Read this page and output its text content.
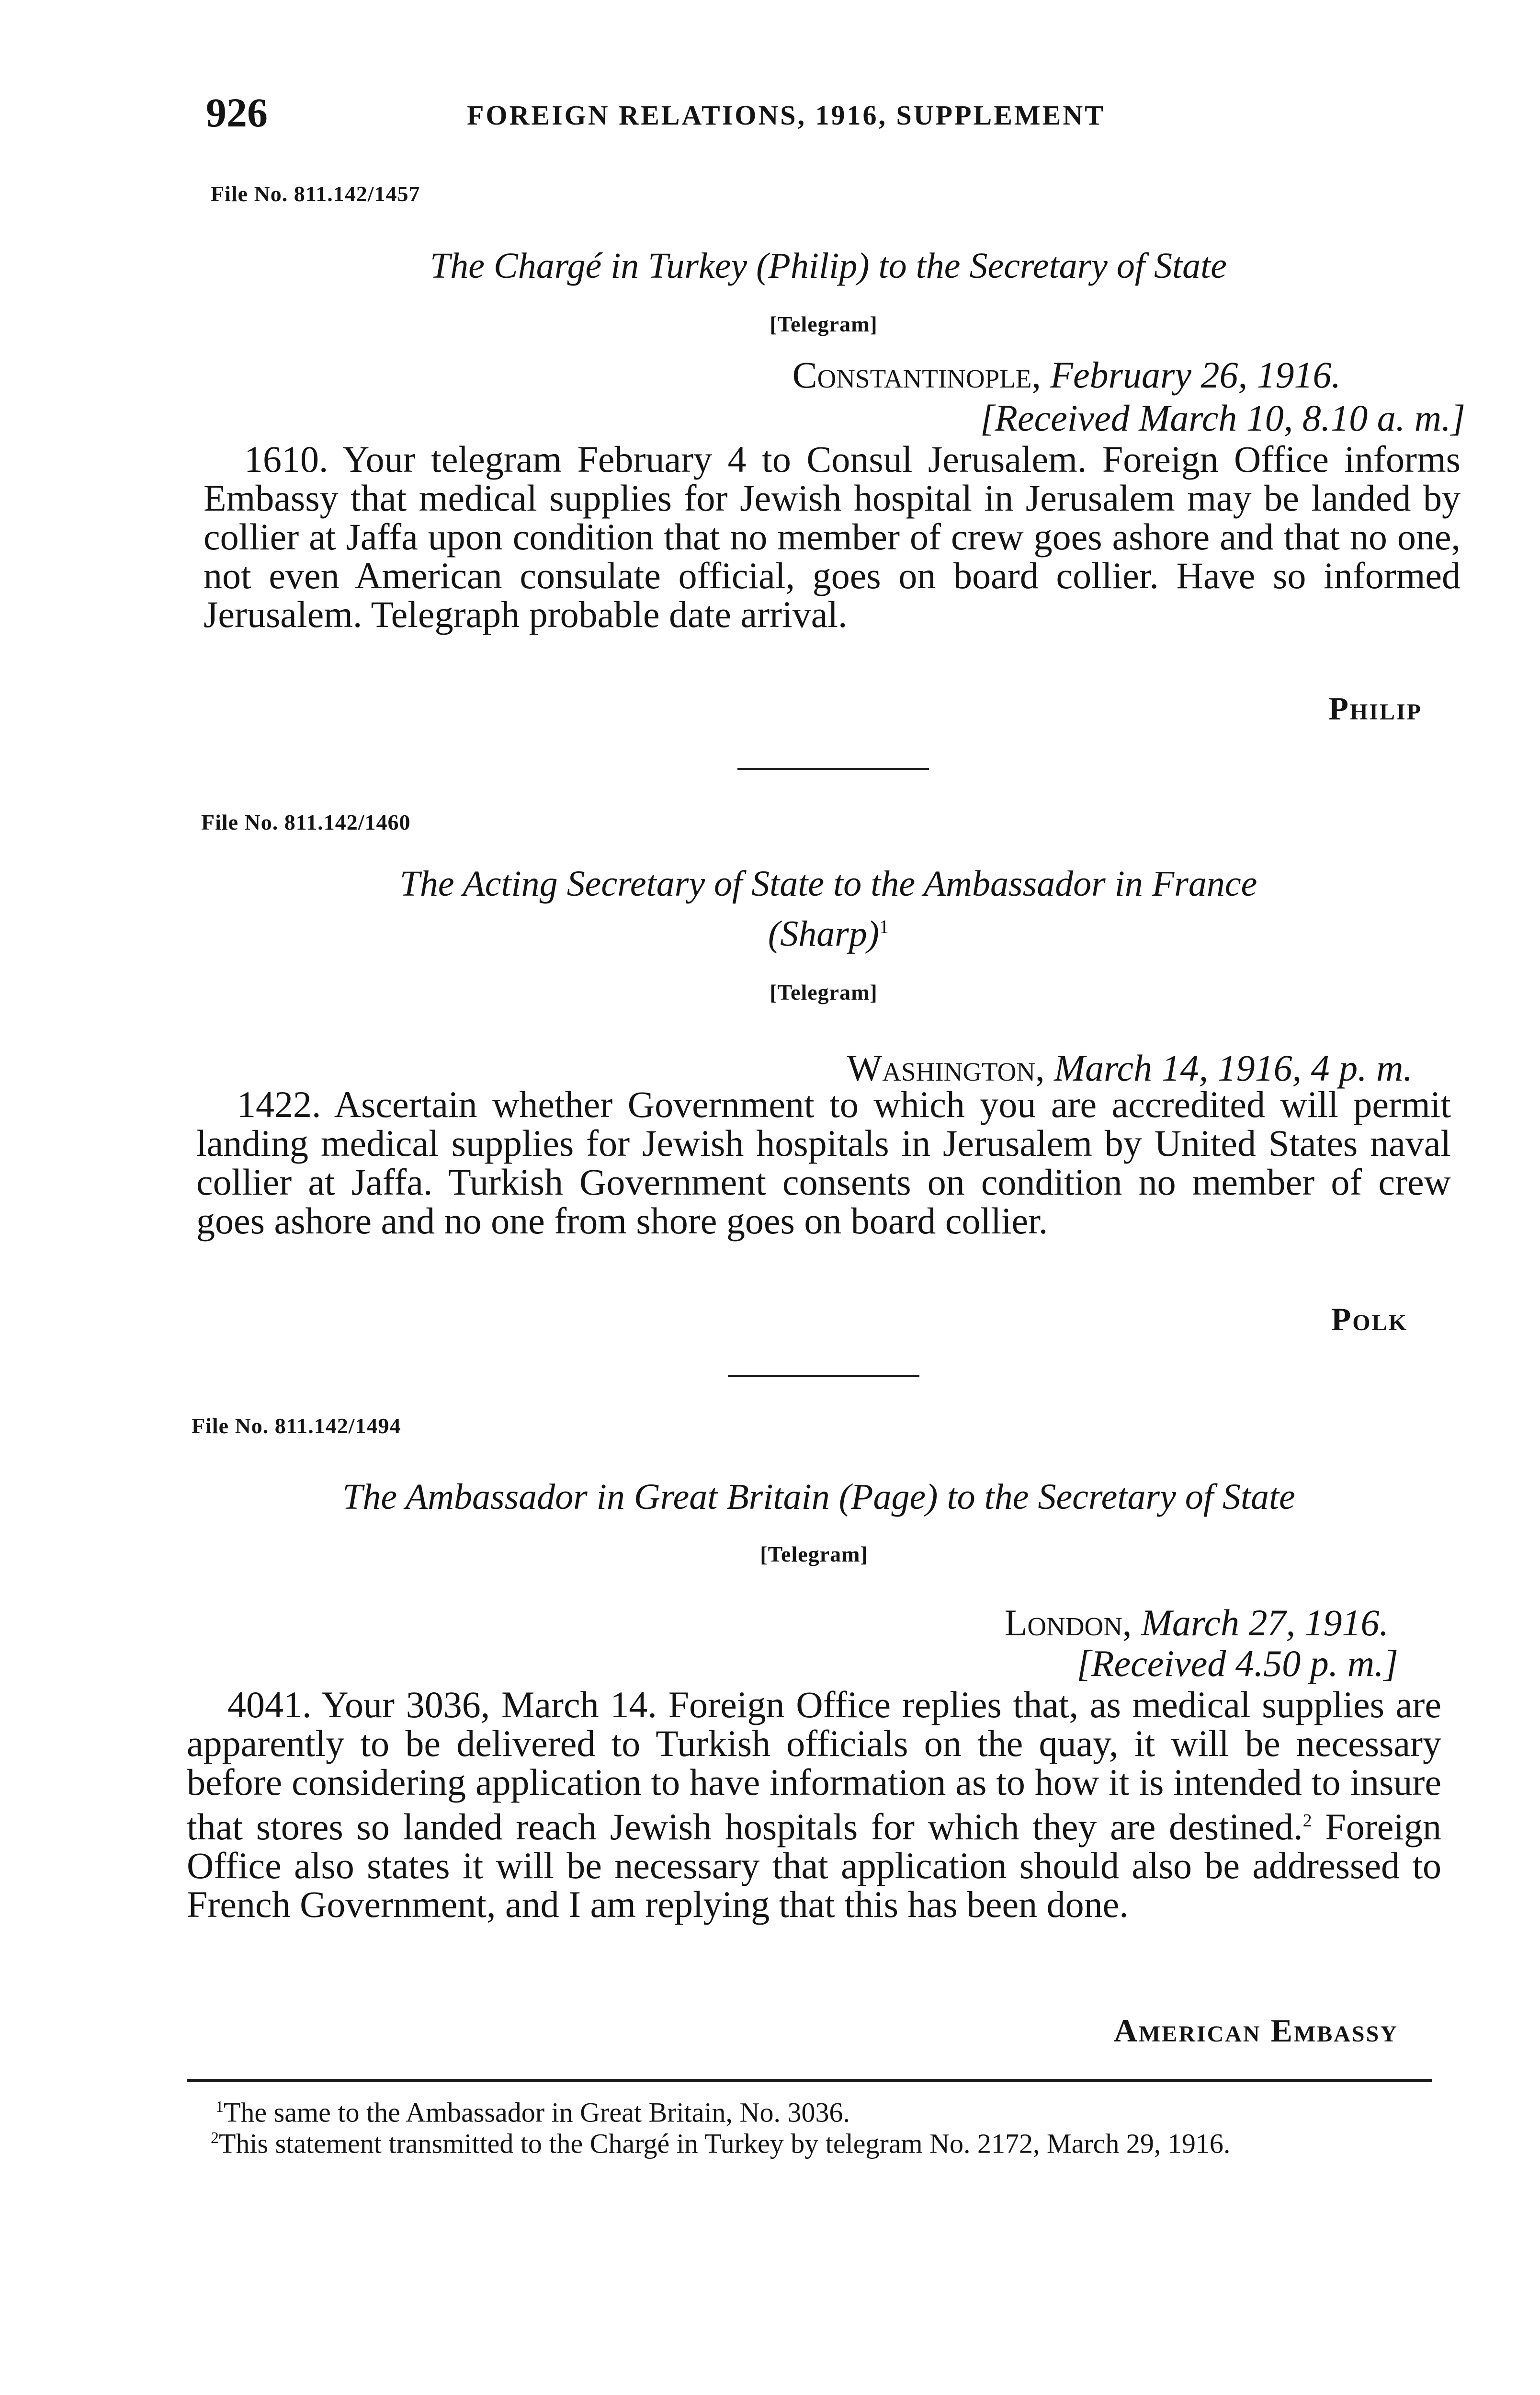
926	FOREIGN RELATIONS, 1916, SUPPLEMENT
File No. 811.142/1457
The Chargé in Turkey (Philip) to the Secretary of State
[Telegram]
Constantinople, February 26, 1916.
[Received March 10, 8.10 a. m.]
1610. Your telegram February 4 to Consul Jerusalem. Foreign Office informs Embassy that medical supplies for Jewish hospital in Jerusalem may be landed by collier at Jaffa upon condition that no member of crew goes ashore and that no one, not even American consulate official, goes on board collier. Have so informed Jerusalem. Telegraph probable date arrival.
Philip
File No. 811.142/1460
The Acting Secretary of State to the Ambassador in France
(Sharp)$^1$
[Telegram]
Washington, March 14, 1916, 4 p. m.
1422. Ascertain whether Government to which you are accredited will permit landing medical supplies for Jewish hospitals in Jerusalem by United States naval collier at Jaffa. Turkish Government consents on condition no member of crew goes ashore and no one from shore goes on board collier.
Polk
File No. 811.142/1494
The Ambassador in Great Britain (Page) to the Secretary of State
[Telegram]
London, March 27, 1916.
[Received 4.50 p. m.]
4041. Your 3036, March 14. Foreign Office replies that, as medical supplies are apparently to be delivered to Turkish officials on the quay, it will be necessary before considering application to have information as to how it is intended to insure that stores so landed reach Jewish hospitals for which they are destined.$^2$ Foreign Office also states it will be necessary that application should also be addressed to French Government, and I am replying that this has been done.
American Embassy
$^1$The same to the Ambassador in Great Britain, No. 3036.
$^2$This statement transmitted to the Chargé in Turkey by telegram No. 2172, March 29, 1916.
